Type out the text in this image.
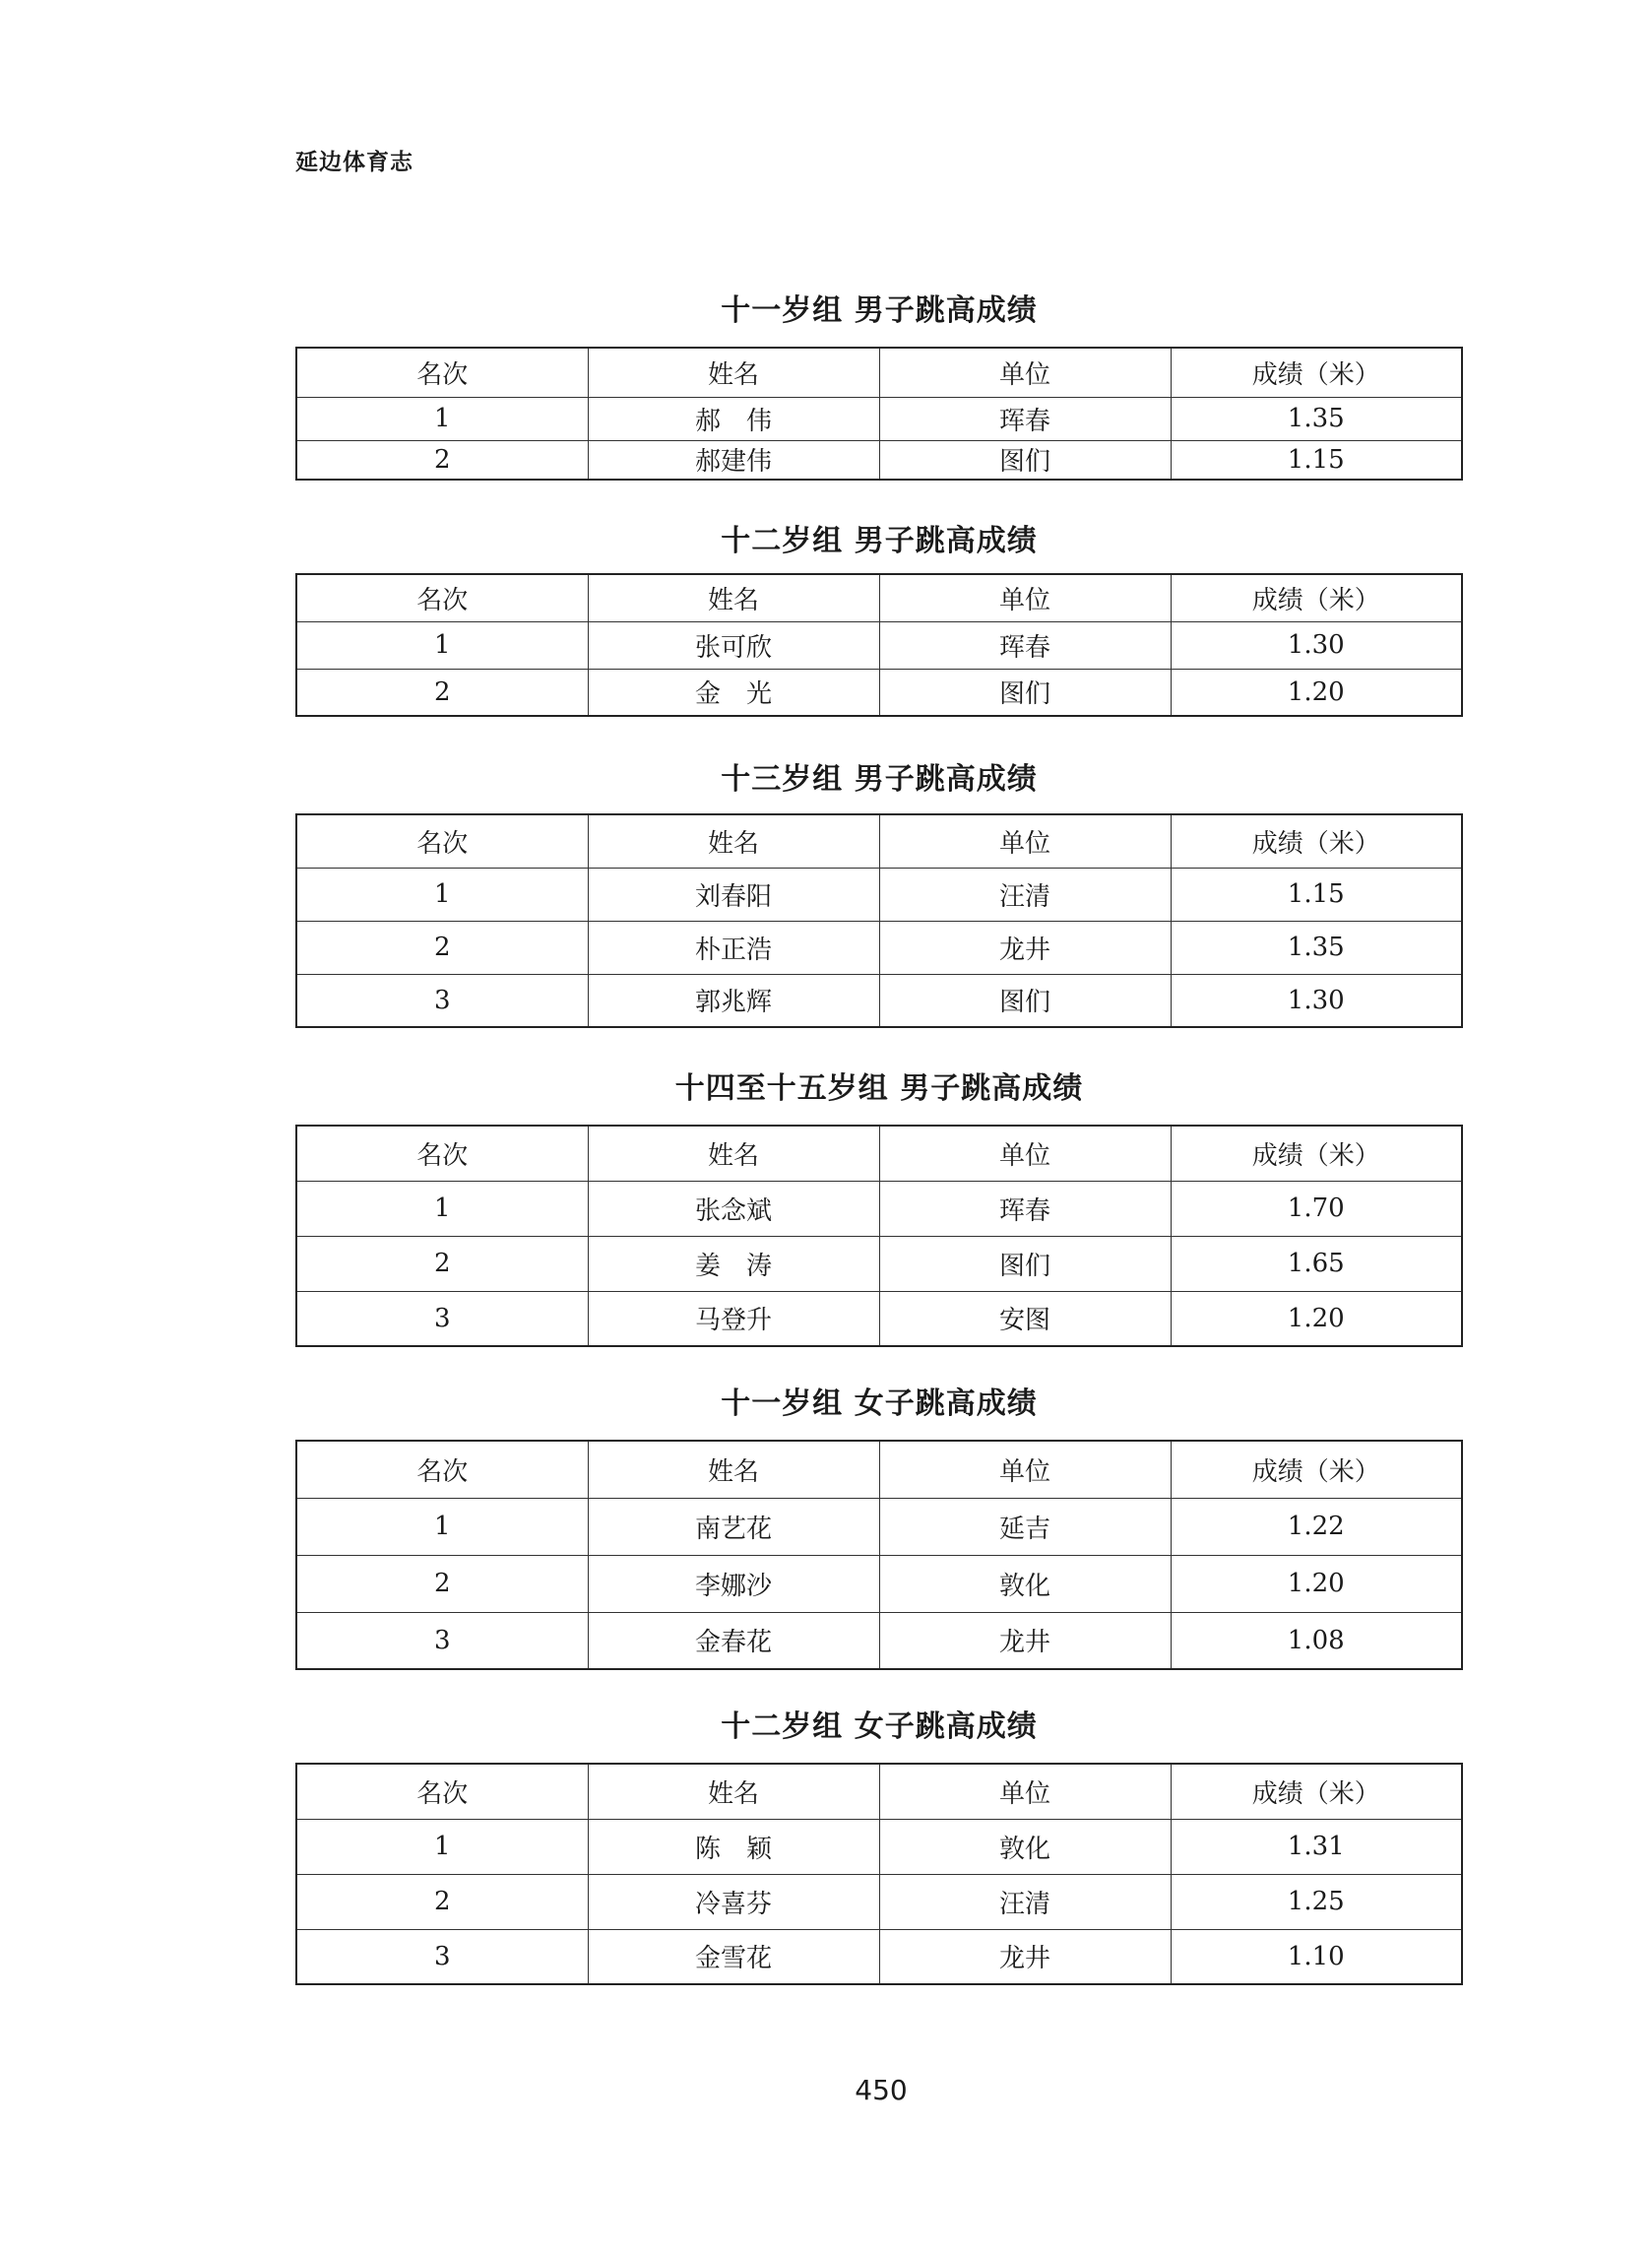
延边体育志
十一岁组 男子跳高成绩
名次	姓名	单位	成绩（米）
1	郝　伟	珲春	1.35
2	郝建伟	图们	1.15
十二岁组 男子跳高成绩
名次	姓名	单位	成绩（米）
1	张可欣	珲春	1.30
2	金　光	图们	1.20
十三岁组 男子跳高成绩
名次	姓名	单位	成绩（米）
1	刘春阳	汪清	1.15
2	朴正浩	龙井	1.35
3	郭兆辉	图们	1.30
十四至十五岁组 男子跳高成绩
名次	姓名	单位	成绩（米）
1	张念斌	珲春	1.70
2	姜　涛	图们	1.65
3	马登升	安图	1.20
十一岁组 女子跳高成绩
名次	姓名	单位	成绩（米）
1	南艺花	延吉	1.22
2	李娜沙	敦化	1.20
3	金春花	龙井	1.08
十二岁组 女子跳高成绩
名次	姓名	单位	成绩（米）
1	陈　颖	敦化	1.31
2	冷喜芬	汪清	1.25
3	金雪花	龙井	1.10
450
